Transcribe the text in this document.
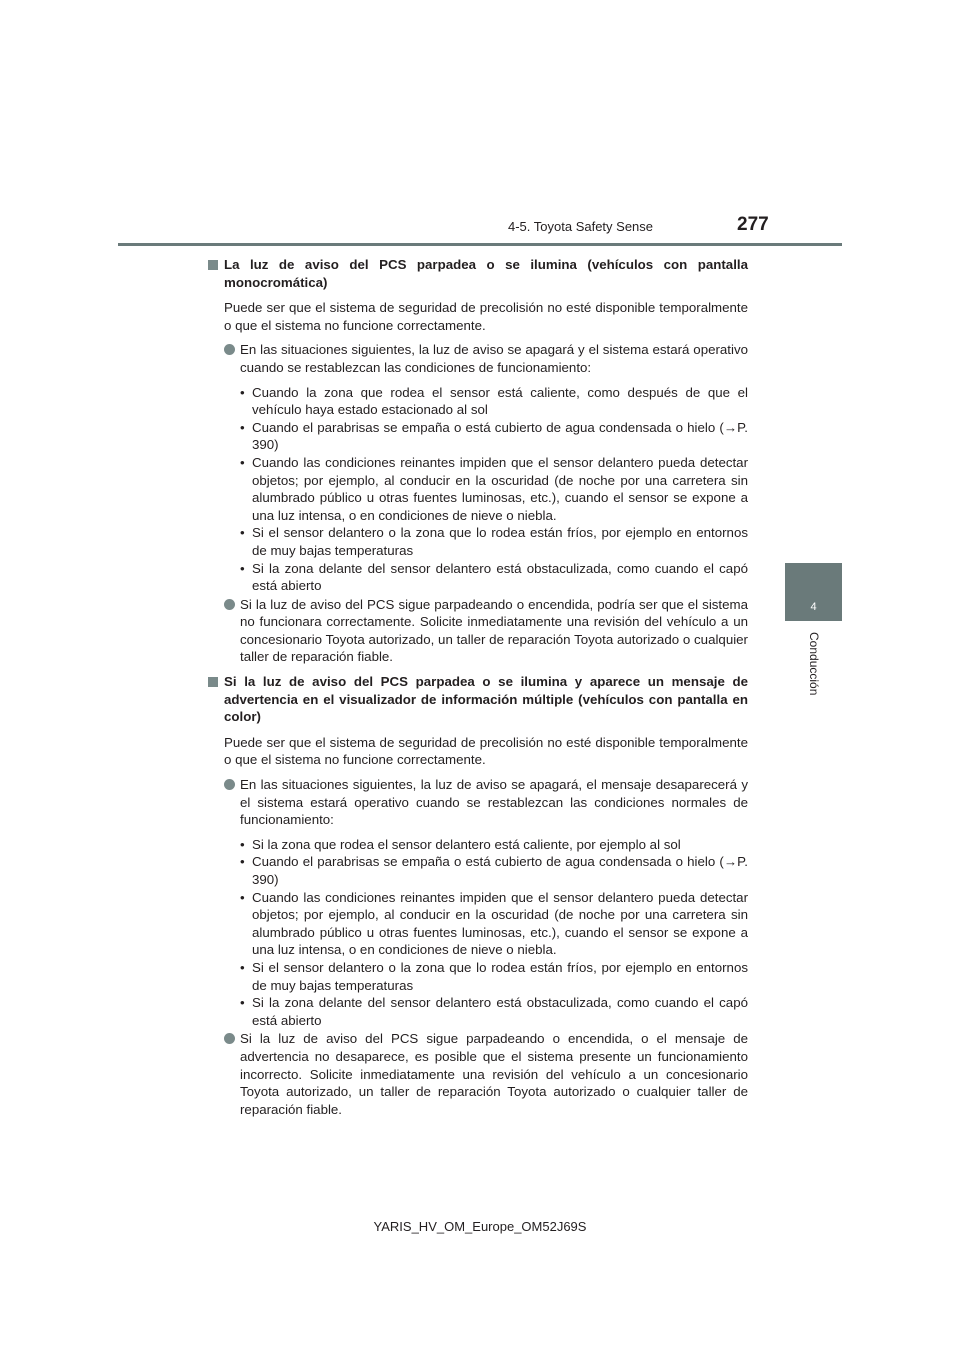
4-5. Toyota Safety Sense	277
4
Conducción
La luz de aviso del PCS parpadea o se ilumina (vehículos con pantalla monocromática)
Puede ser que el sistema de seguridad de precolisión no esté disponible temporalmente o que el sistema no funcione correctamente.
En las situaciones siguientes, la luz de aviso se apagará y el sistema estará operativo cuando se restablezcan las condiciones de funcionamiento:
• Cuando la zona que rodea el sensor está caliente, como después de que el vehículo haya estado estacionado al sol
• Cuando el parabrisas se empaña o está cubierto de agua condensada o hielo (→P. 390)
• Cuando las condiciones reinantes impiden que el sensor delantero pueda detectar objetos; por ejemplo, al conducir en la oscuridad (de noche por una carretera sin alumbrado público u otras fuentes luminosas, etc.), cuando el sensor se expone a una luz intensa, o en condiciones de nieve o niebla.
• Si el sensor delantero o la zona que lo rodea están fríos, por ejemplo en entornos de muy bajas temperaturas
• Si la zona delante del sensor delantero está obstaculizada, como cuando el capó está abierto
Si la luz de aviso del PCS sigue parpadeando o encendida, podría ser que el sistema no funcionara correctamente. Solicite inmediatamente una revisión del vehículo a un concesionario Toyota autorizado, un taller de reparación Toyota autorizado o cualquier taller de reparación fiable.
Si la luz de aviso del PCS parpadea o se ilumina y aparece un mensaje de advertencia en el visualizador de información múltiple (vehículos con pantalla en color)
Puede ser que el sistema de seguridad de precolisión no esté disponible temporalmente o que el sistema no funcione correctamente.
En las situaciones siguientes, la luz de aviso se apagará, el mensaje desaparecerá y el sistema estará operativo cuando se restablezcan las condiciones normales de funcionamiento:
• Si la zona que rodea el sensor delantero está caliente, por ejemplo al sol
• Cuando el parabrisas se empaña o está cubierto de agua condensada o hielo (→P. 390)
• Cuando las condiciones reinantes impiden que el sensor delantero pueda detectar objetos; por ejemplo, al conducir en la oscuridad (de noche por una carretera sin alumbrado público u otras fuentes luminosas, etc.), cuando el sensor se expone a una luz intensa, o en condiciones de nieve o niebla.
• Si el sensor delantero o la zona que lo rodea están fríos, por ejemplo en entornos de muy bajas temperaturas
• Si la zona delante del sensor delantero está obstaculizada, como cuando el capó está abierto
Si la luz de aviso del PCS sigue parpadeando o encendida, o el mensaje de advertencia no desaparece, es posible que el sistema presente un funcionamiento incorrecto. Solicite inmediatamente una revisión del vehículo a un concesionario Toyota autorizado, un taller de reparación Toyota autorizado o cualquier taller de reparación fiable.
YARIS_HV_OM_Europe_OM52J69S
